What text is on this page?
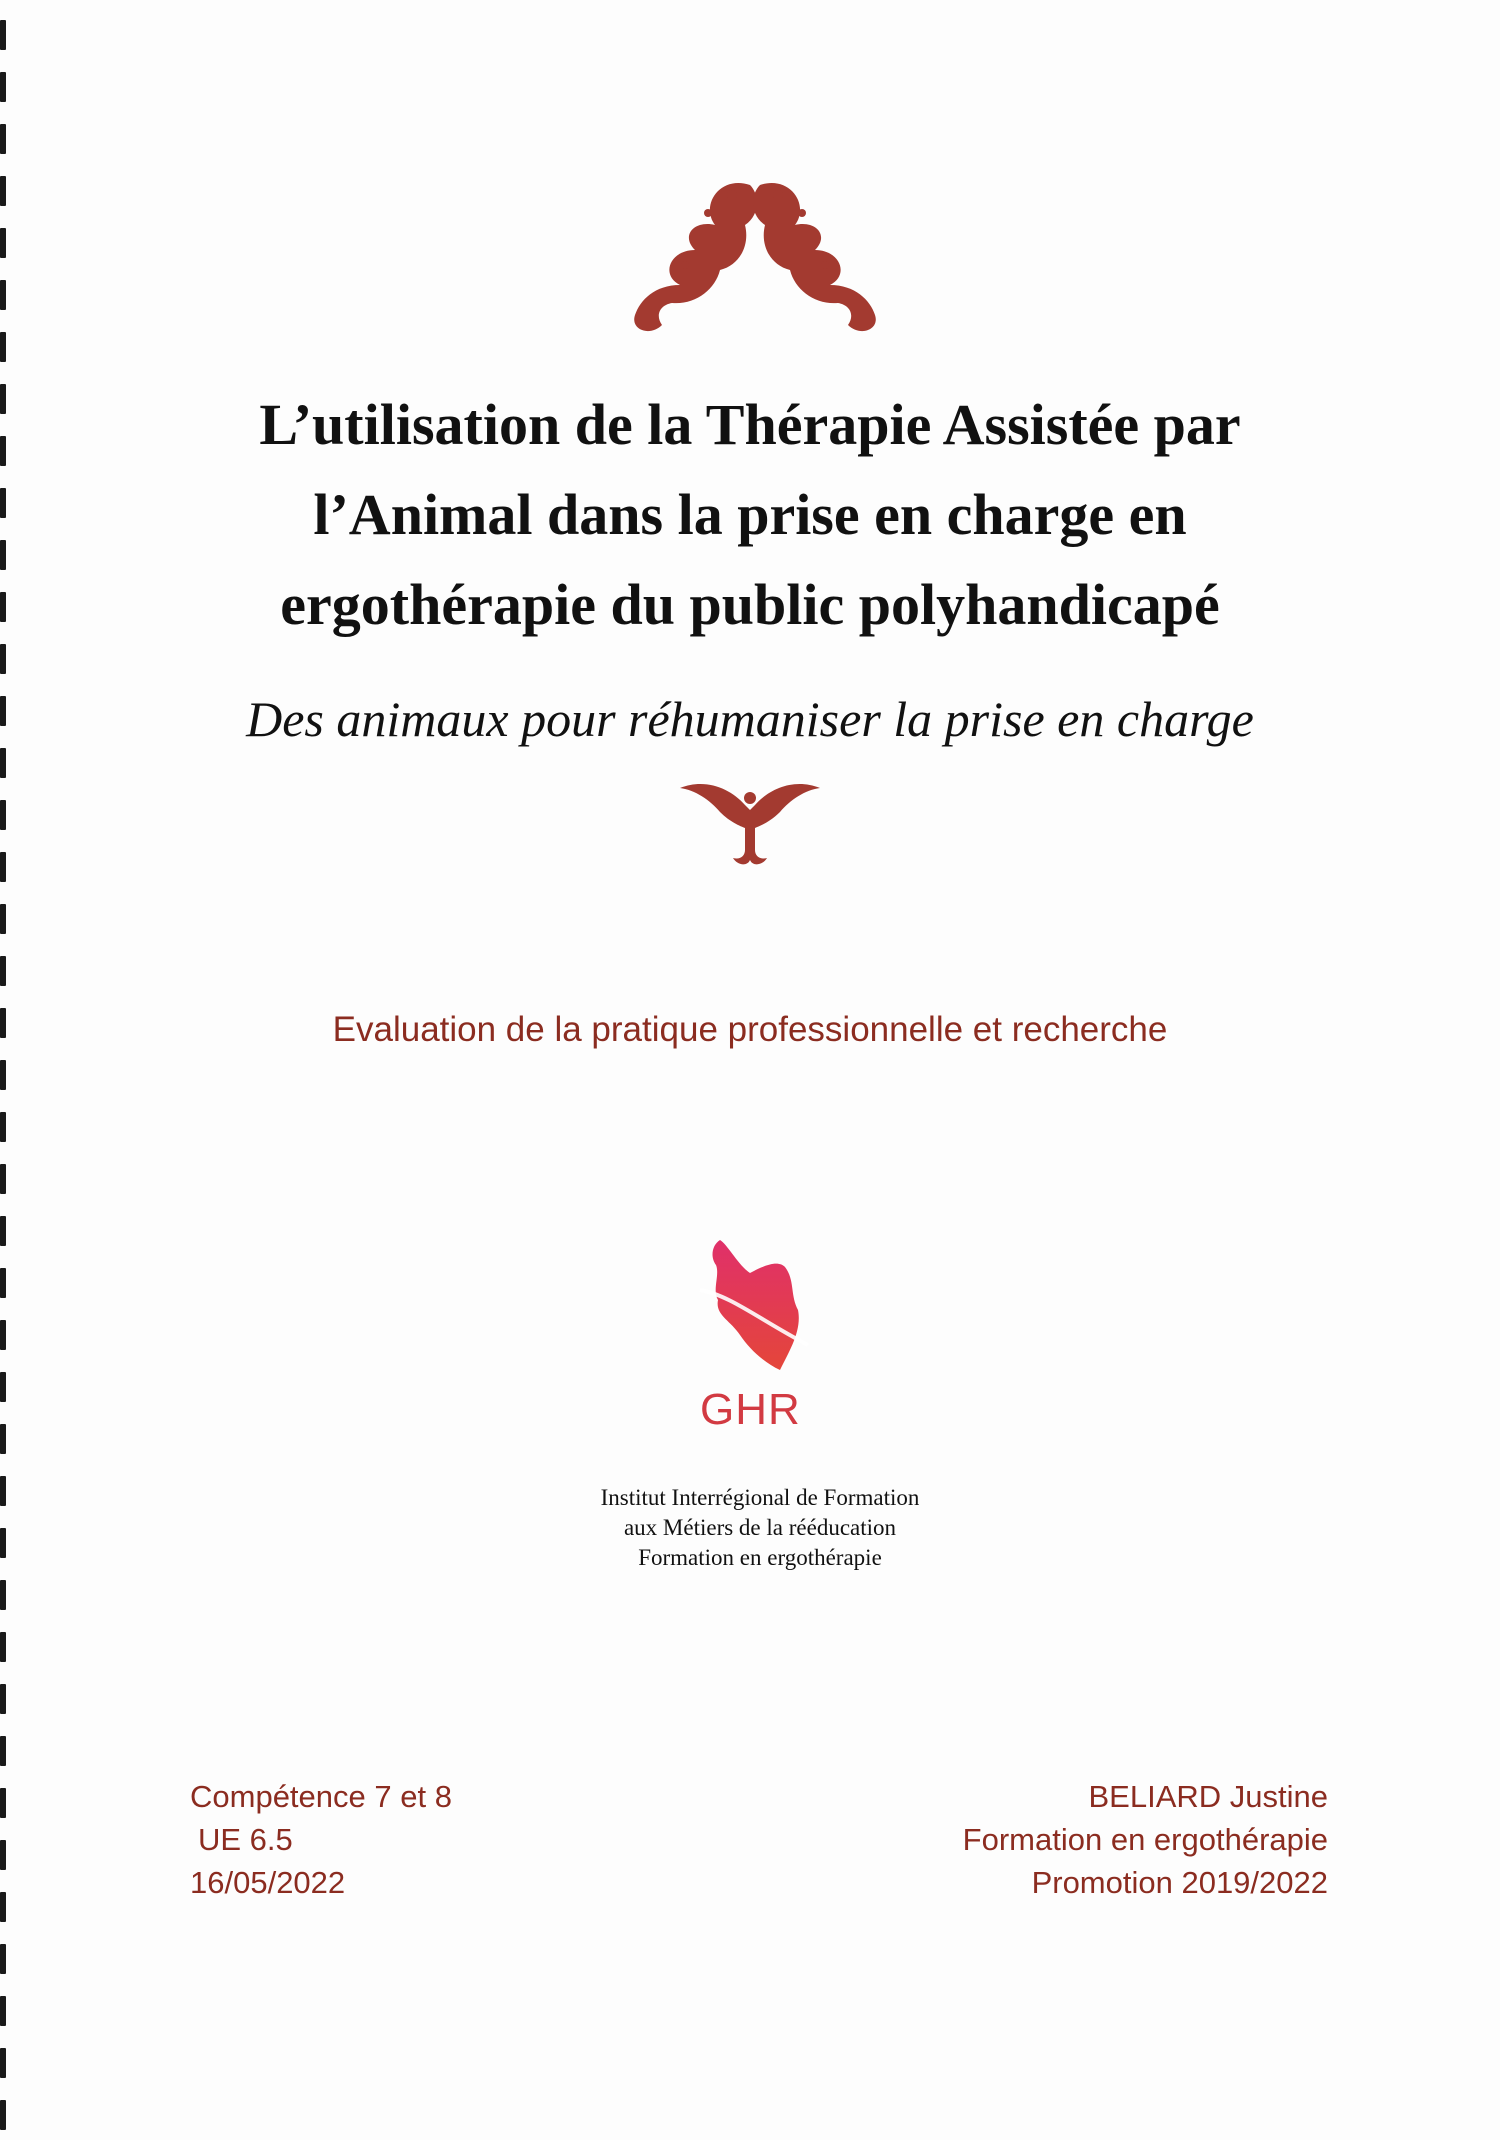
L’utilisation de la Thérapie Assistée par
l’Animal dans la prise en charge en
ergothérapie du public polyhandicapé

Des animaux pour réhumaniser la prise en charge

Evaluation de la pratique professionnelle et recherche
GHR
Institut Interrégional de Formation
aux Métiers de la rééducation
Formation en ergothérapie
Compétence 7 et 8
UE 6.5
16/05/2022
BELIARD Justine
Formation en ergothérapie
Promotion 2019/2022
